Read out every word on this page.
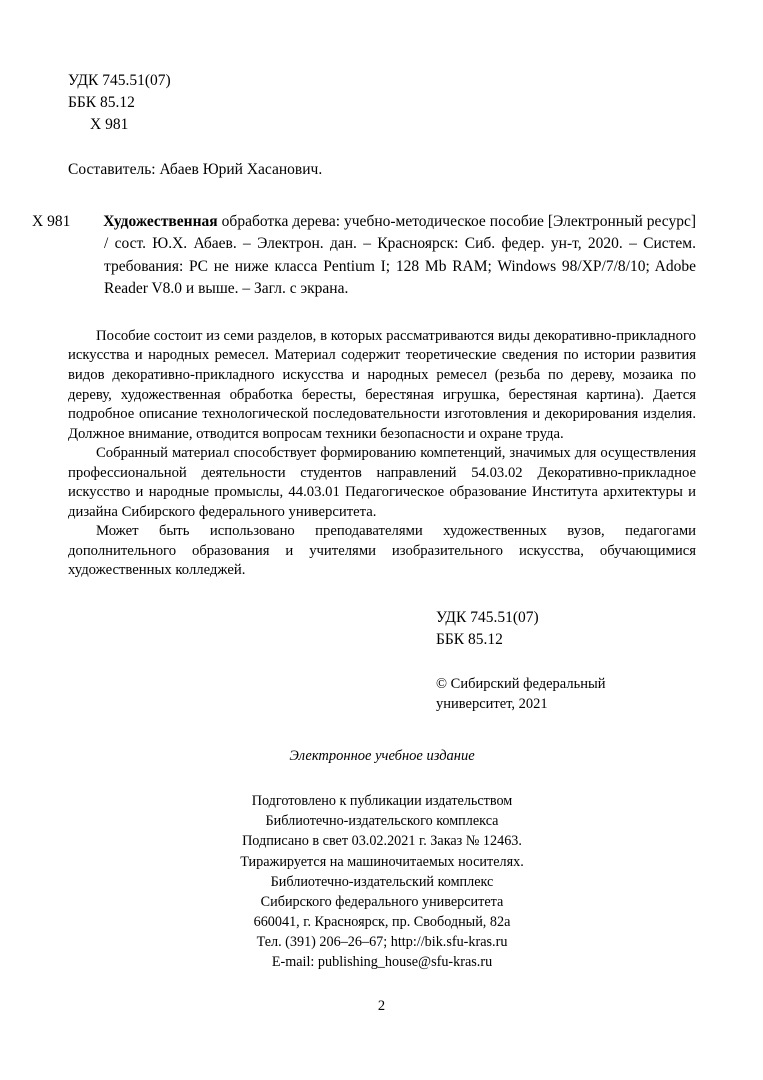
УДК 745.51(07)
ББК 85.12
Х 981
Составитель: Абаев Юрий Хасанович.
Х 981 Художественная обработка дерева: учебно-методическое пособие [Электронный ресурс] / сост. Ю.Х. Абаев. – Электрон. дан. – Красноярск: Сиб. федер. ун-т, 2020. – Систем. требования: PC не ниже класса Pentium I; 128 Mb RAM; Windows 98/XP/7/8/10; Adobe Reader V8.0 и выше. – Загл. с экрана.

Пособие состоит из семи разделов, в которых рассматриваются виды декоративно-прикладного искусства и народных ремесел. Материал содержит теоретические сведения по истории развития видов декоративно-прикладного искусства и народных ремесел (резьба по дереву, мозаика по дереву, художественная обработка бересты, берестяная игрушка, берестяная картина). Дается подробное описание технологической последовательности изготовления и декорирования изделия. Должное внимание, отводится вопросам техники безопасности и охране труда.

Собранный материал способствует формированию компетенций, значимых для осуществления профессиональной деятельности студентов направлений 54.03.02 Декоративно-прикладное искусство и народные промыслы, 44.03.01 Педагогическое образование Института архитектуры и дизайна Сибирского федерального университета.

Может быть использовано преподавателями художественных вузов, педагогами дополнительного образования и учителями изобразительного искусства, обучающимися художественных колледжей.

УДК 745.51(07)
ББК 85.12
© Сибирский федеральный
университет, 2021
Электронное учебное издание
Подготовлено к публикации издательством
Библиотечно-издательского комплекса
Подписано в свет 03.02.2021 г. Заказ № 12463.
Тиражируется на машиночитаемых носителях.
Библиотечно-издательский комплекс
Сибирского федерального университета
660041, г. Красноярск, пр. Свободный, 82а
Тел. (391) 206–26–67; http://bik.sfu-kras.ru
E-mail: publishing_house@sfu-kras.ru
2
